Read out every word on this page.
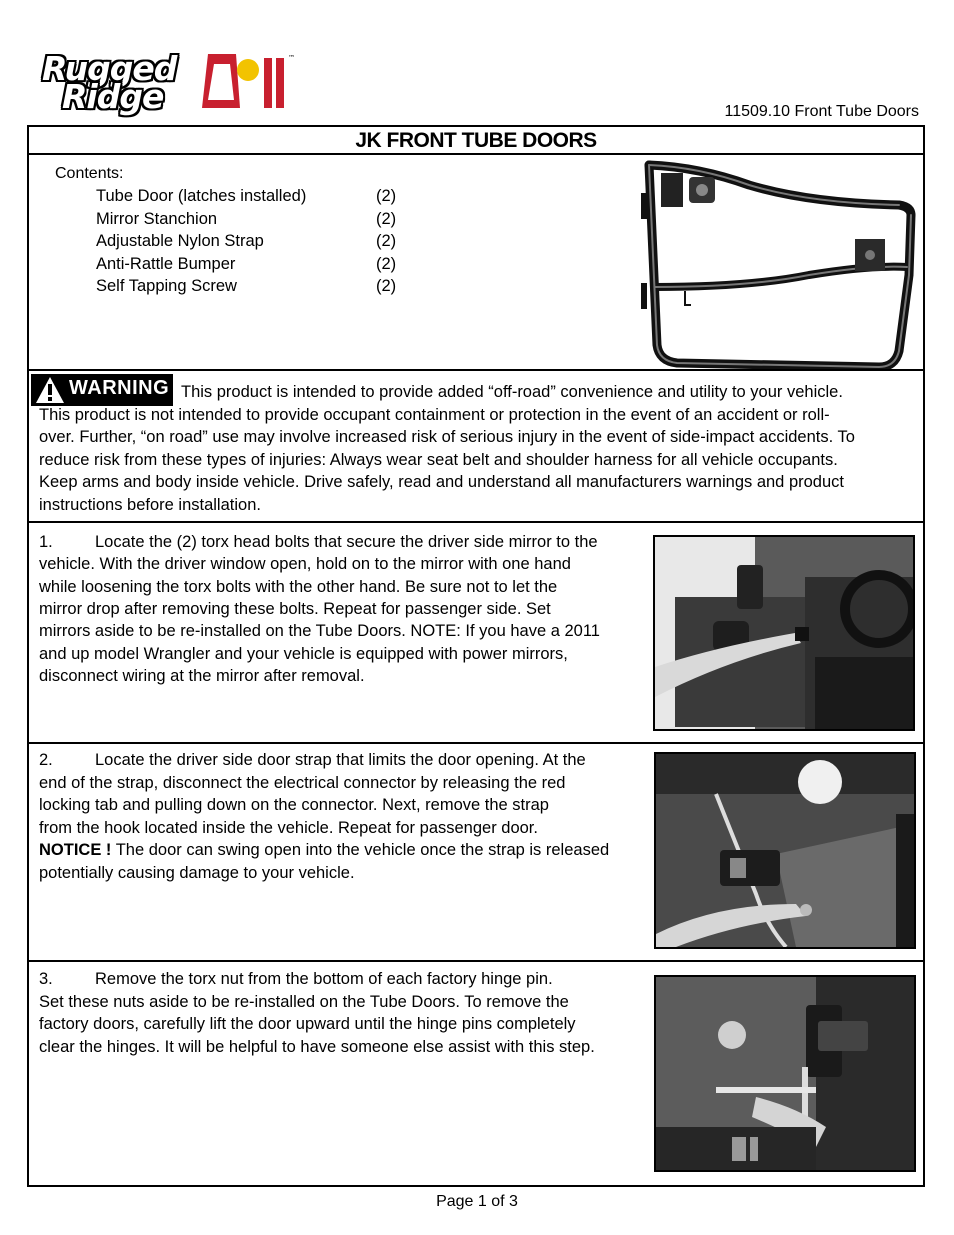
Rugged
Ridge
™
11509.10 Front Tube Doors
JK FRONT TUBE DOORS
Contents:
Tube Door (latches installed)	(2)
Mirror Stanchion	(2)
Adjustable Nylon Strap	(2)
Anti-Rattle Bumper	(2)
Self Tapping Screw	(2)
WARNING This product is intended to provide added “off-road” convenience and utility to your vehicle.
This product is not intended to provide occupant containment or protection in the event of an accident or roll-
over. Further, “on road” use may involve increased risk of serious injury in the event of side-impact accidents. To
reduce risk from these types of injuries: Always wear seat belt and shoulder harness for all vehicle occupants.
Keep arms and body inside vehicle. Drive safely, read and understand all manufacturers warnings and product
instructions before installation.
1.	Locate the (2) torx head bolts that secure the driver side mirror to the
vehicle. With the driver window open, hold on to the mirror with one hand
while loosening the torx bolts with the other hand. Be sure not to let the
mirror drop after removing these bolts. Repeat for passenger side. Set
mirrors aside to be re-installed on the Tube Doors. NOTE: If you have a 2011
and up model Wrangler and your vehicle is equipped with power mirrors,
disconnect wiring at the mirror after removal.
2.	Locate the driver side door strap that limits the door opening. At the
end of the strap, disconnect the electrical connector by releasing the red
locking tab and pulling down on the connector. Next, remove the strap
from the hook located inside the vehicle. Repeat for passenger door.
NOTICE ! The door can swing open into the vehicle once the strap is released
potentially causing damage to your vehicle.
3.	Remove the torx nut from the bottom of each factory hinge pin.
Set these nuts aside to be re-installed on the Tube Doors. To remove the
factory doors, carefully lift the door upward until the hinge pins completely
clear the hinges. It will be helpful to have someone else assist with this step.
Page 1 of 3
